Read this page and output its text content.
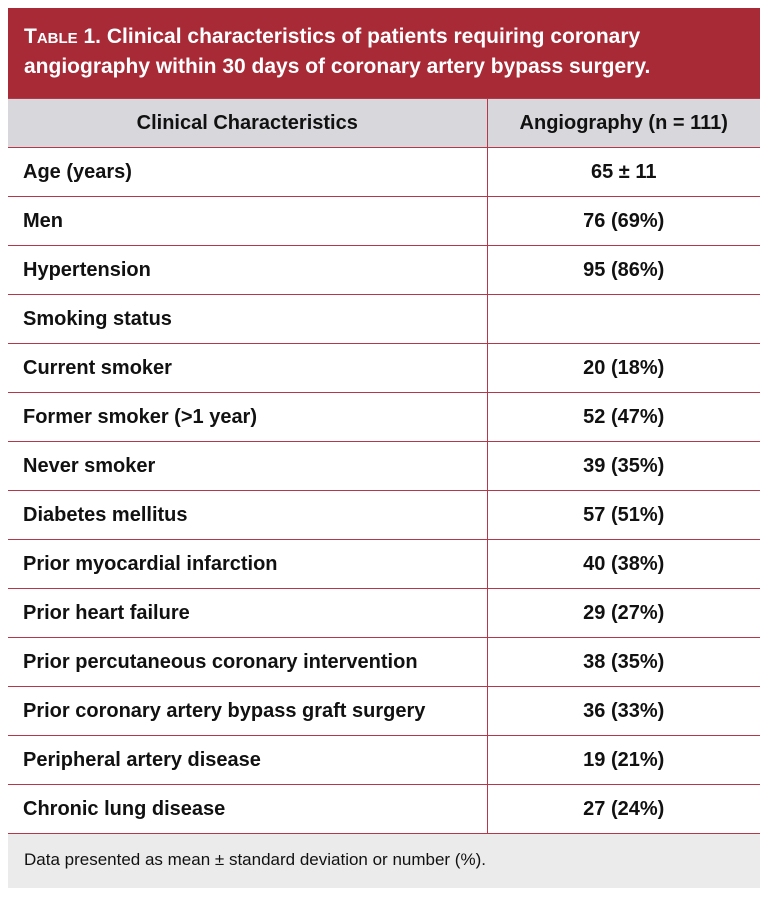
Table 1. Clinical characteristics of patients requiring coronary angiography within 30 days of coronary artery bypass surgery.
Clinical Characteristics	Angiography (n = 111)
Age (years)	65 ± 11
Men	76 (69%)
Hypertension	95 (86%)
Smoking status	
Current smoker	20 (18%)
Former smoker (>1 year)	52 (47%)
Never smoker	39 (35%)
Diabetes mellitus	57 (51%)
Prior myocardial infarction	40 (38%)
Prior heart failure	29 (27%)
Prior percutaneous coronary intervention	38 (35%)
Prior coronary artery bypass graft surgery	36 (33%)
Peripheral artery disease	19 (21%)
Chronic lung disease	27 (24%)
Data presented as mean ± standard deviation or number (%).
